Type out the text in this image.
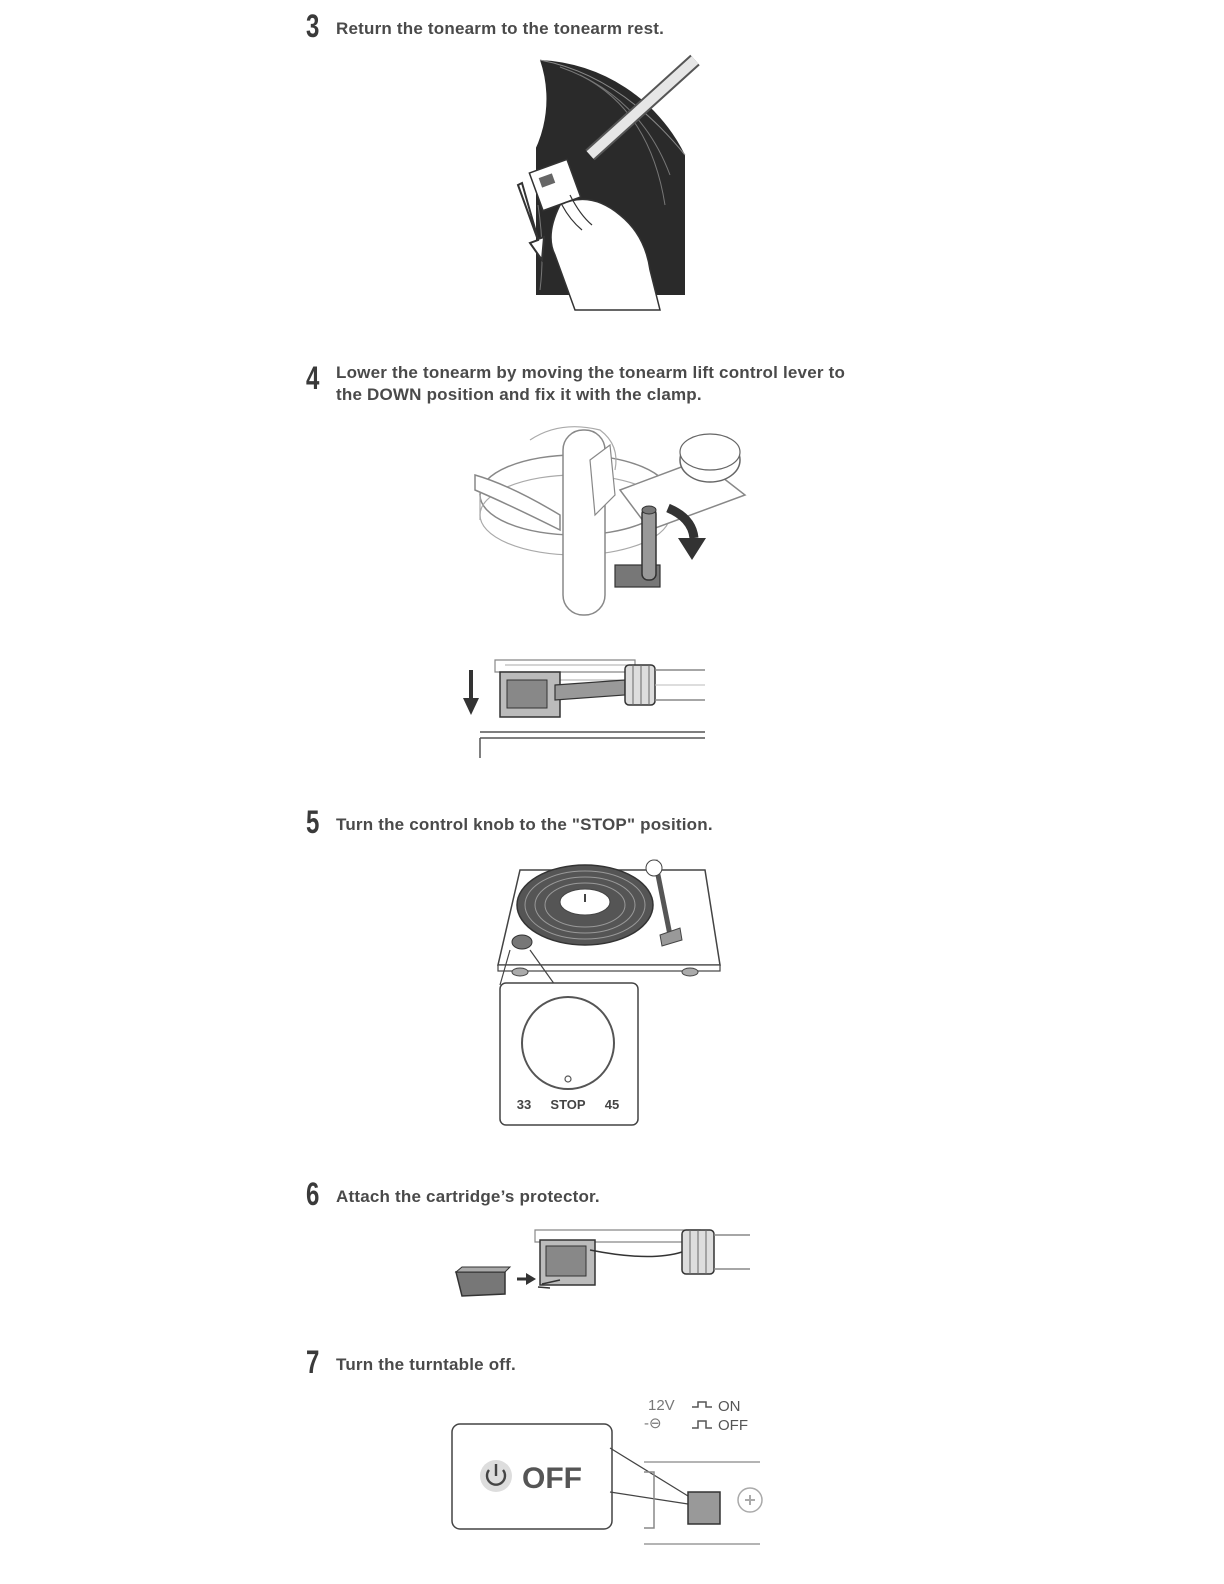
3 Return the tonearm to the tonearm rest.
4 Lower the tonearm by moving the tonearm lift control lever to
the DOWN position and fix it with the clamp.
5 Turn the control knob to the "STOP" position.
33 STOP 45
6 Attach the cartridge’s protector.
7 Turn the turntable off.
12V
-⊖
ON
OFF
OFF
